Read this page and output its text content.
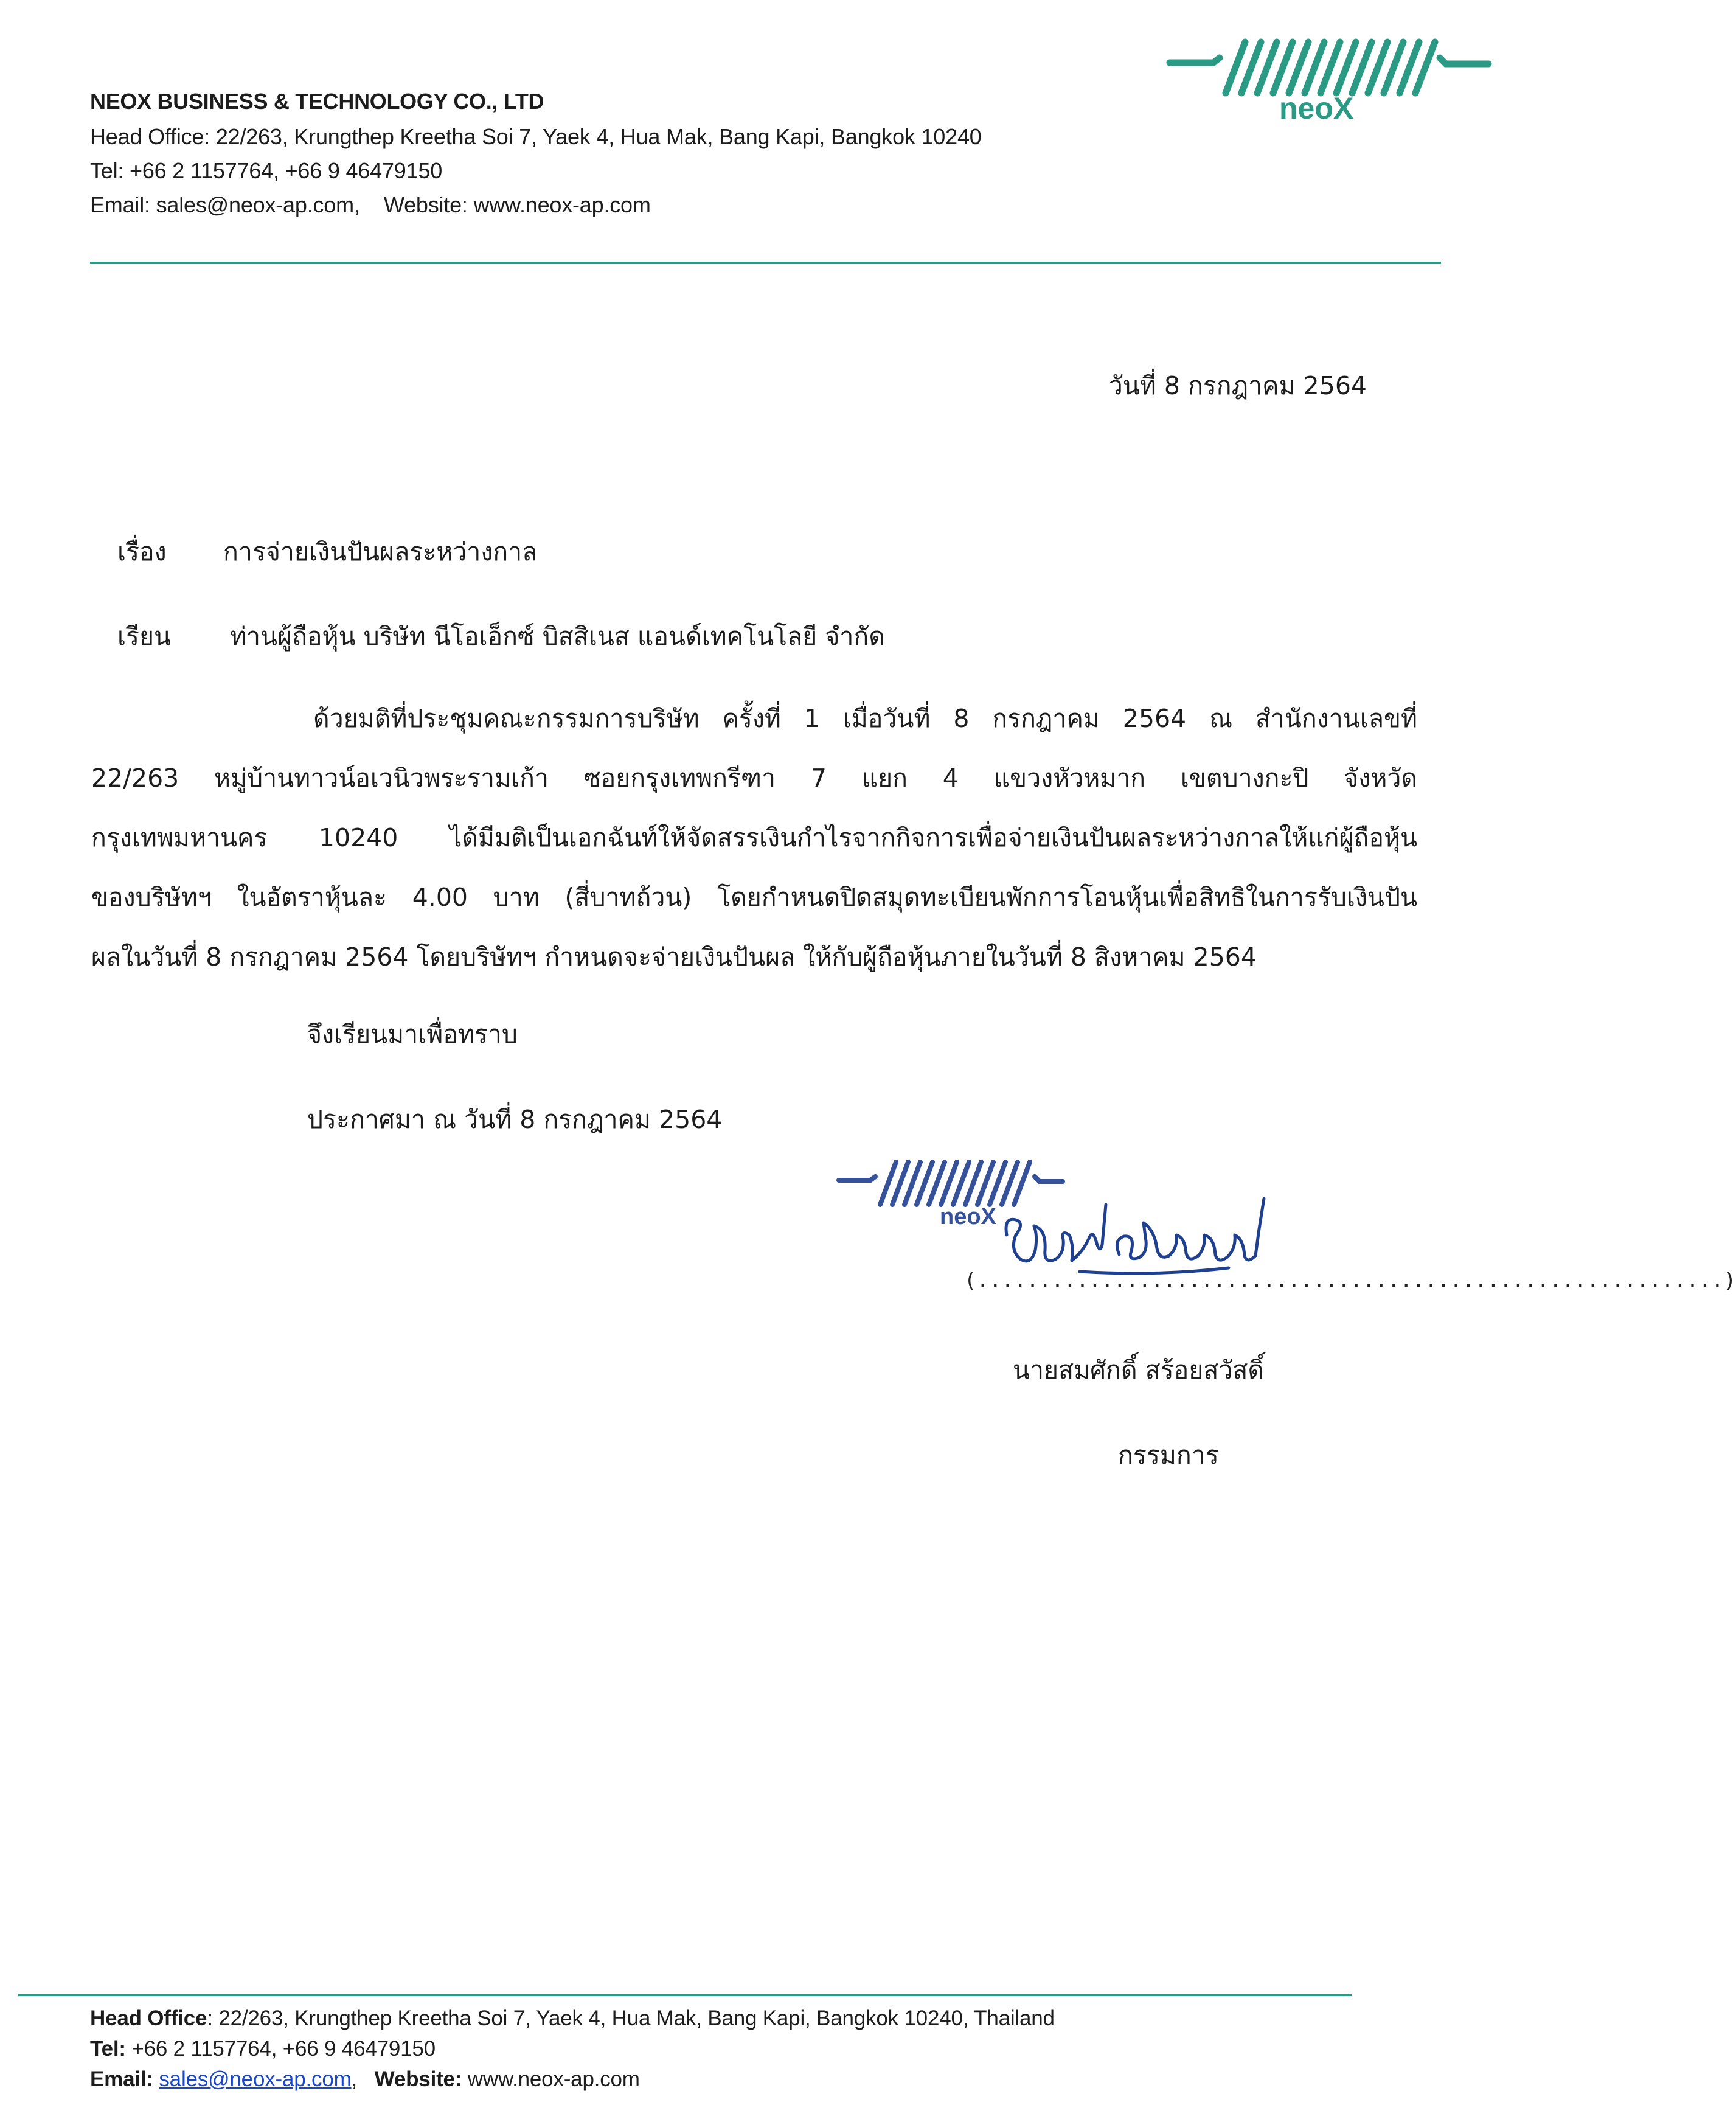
neoX
NEOX BUSINESS & TECHNOLOGY CO., LTD
Head Office: 22/263, Krungthep Kreetha Soi 7, Yaek 4, Hua Mak, Bang Kapi, Bangkok 10240
Tel: +66 2 1157764, +66 9 46479150
Email: sales@neox-ap.com, Website: www.neox-ap.com
วันที่ 8 กรกฎาคม 2564
เรื่อง การจ่ายเงินปันผลระหว่างกาล
เรียน ท่านผู้ถือหุ้น บริษัท นีโอเอ็กซ์ บิสสิเนส แอนด์เทคโนโลยี จำกัด
ด้วยมติที่ประชุมคณะกรรมการบริษัท ครั้งที่ 1 เมื่อวันที่ 8 กรกฎาคม 2564 ณ สำนักงานเลขที่
22/263 หมู่บ้านทาวน์อเวนิวพระรามเก้า ซอยกรุงเทพกรีฑา 7 แยก 4 แขวงหัวหมาก เขตบางกะปิ จังหวัด
กรุงเทพมหานคร 10240 ได้มีมติเป็นเอกฉันท์ให้จัดสรรเงินกำไรจากกิจการเพื่อจ่ายเงินปันผลระหว่างกาลให้แก่ผู้ถือหุ้น
ของบริษัทฯ ในอัตราหุ้นละ 4.00 บาท (สี่บาทถ้วน) โดยกำหนดปิดสมุดทะเบียนพักการโอนหุ้นเพื่อสิทธิในการรับเงินปัน
ผลในวันที่ 8 กรกฎาคม 2564 โดยบริษัทฯ กำหนดจะจ่ายเงินปันผล ให้กับผู้ถือหุ้นภายในวันที่ 8 สิงหาคม 2564
จึงเรียนมาเพื่อทราบ
ประกาศมา ณ วันที่ 8 กรกฎาคม 2564
neoX
(............................................................)
นายสมศักดิ์ สร้อยสวัสดิ์
กรรมการ
Head Office: 22/263, Krungthep Kreetha Soi 7, Yaek 4, Hua Mak, Bang Kapi, Bangkok 10240, Thailand
Tel: +66 2 1157764, +66 9 46479150
Email: sales@neox-ap.com, Website: www.neox-ap.com
